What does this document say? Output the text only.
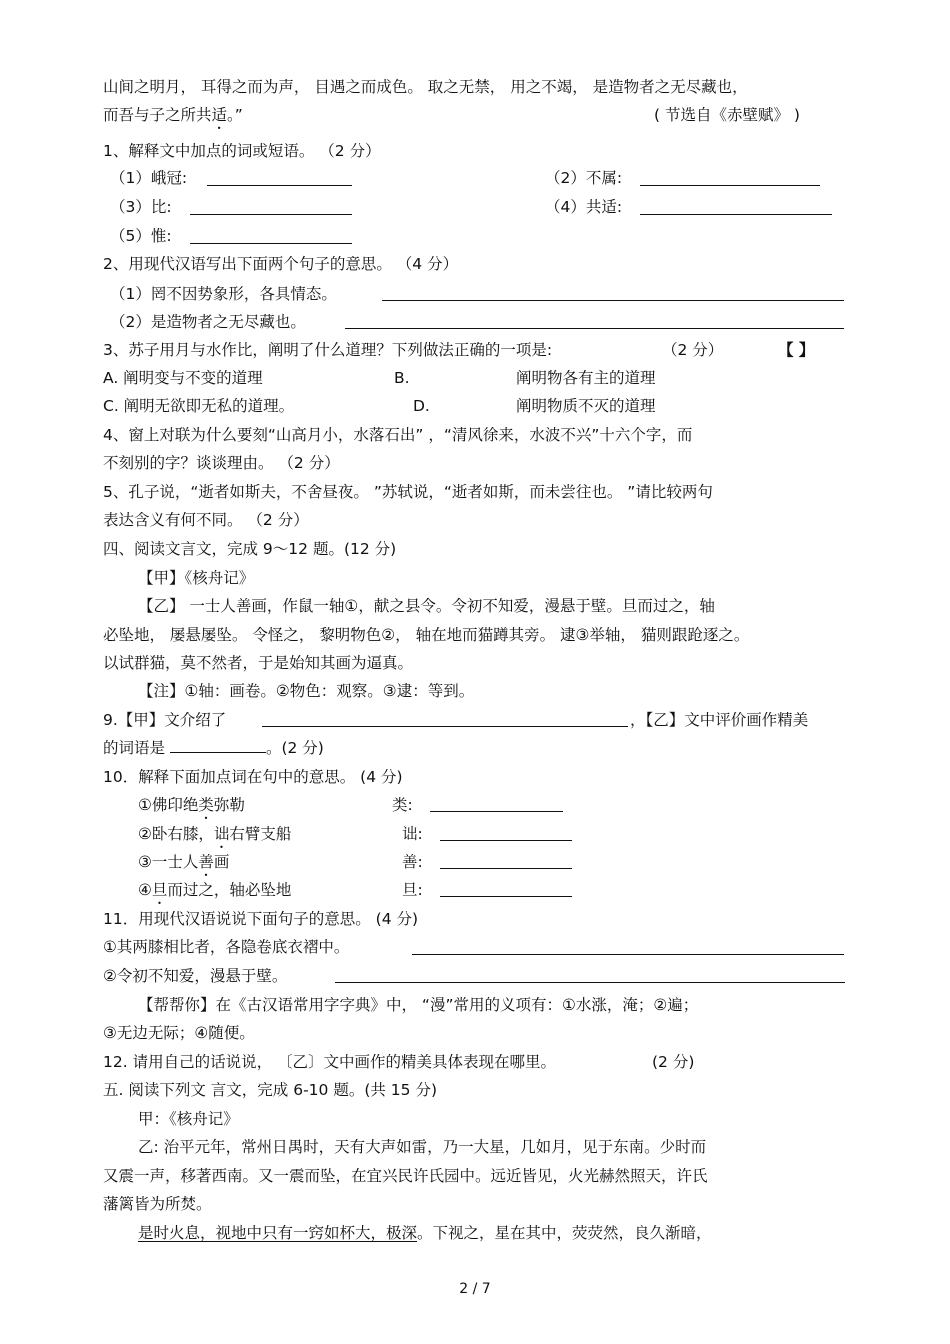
山间之明月， 耳得之而为声， 目遇之而成色。 取之无禁， 用之不竭， 是造物者之无尽藏也，
而吾与子之所共适。”	( 节选自《赤壁赋》 )
1、解释文中加点的词或短语。 （2 分）
（1）峨冠:	（2）不属:
（3）比:	（4）共适:
（5）惟:
2、用现代汉语写出下面两个句子的意思。 （4 分）
（1）罔不因势象形，各具情态。
（2）是造物者之无尽藏也。
3、苏子用月与水作比，阐明了什么道理？下列做法正确的一项是:	（2 分）	【 】
A. 阐明变与不变的道理	B.	阐明物各有主的道理
C. 阐明无欲即无私的道理。	D.	阐明物质不灭的道理
4、窗上对联为什么要刻“山高月小，水落石出” ，“清风徐来，水波不兴”十六个字，而
不刻别的字？谈谈理由。 （2 分）
5、孔子说，“逝者如斯夫，不舍昼夜。 ”苏轼说，“逝者如斯，而未尝往也。 ”请比较两句
表达含义有何不同。 （2 分）
四、阅读文言文，完成 9～12 题。(12 分)
【甲】《核舟记》
【乙】 一士人善画，作鼠一轴①，献之县令。令初不知爱，漫悬于壁。旦而过之，轴
必坠地， 屡悬屡坠。 令怪之， 黎明物色②， 轴在地而猫蹲其旁。 逮③举轴， 猫则跟跄逐之。
以试群猫，莫不然者，于是始知其画为逼真。
【注】①轴：画卷。②物色：观察。③逮：等到。
9.【甲】文介绍了	，【乙】文中评价画作精美
的词语是	。(2 分)
10．解释下面加点词在句中的意思。 (4 分)
①佛印绝类弥勒	类:
②卧右膝，诎右臂支船	诎:
③一士人善画	善:
④旦而过之，轴必坠地	旦:
11．用现代汉语说说下面句子的意思。 (4 分)
①其两膝相比者，各隐卷底衣褶中。
②令初不知爱，漫悬于壁。
【帮帮你】在《古汉语常用字字典》中， “漫”常用的义项有：①水涨，淹；②遍；
③无边无际；④随便。
12. 请用自己的话说说， 〔乙〕文中画作的精美具体表现在哪里。	(2 分)
五. 阅读下列文 言文，完成 6-10 题。(共 15 分)
甲：《核舟记》
乙: 治平元年，常州日禺时，天有大声如雷，乃一大星，几如月，见于东南。少时而
又震一声，移著西南。又一震而坠，在宜兴民许氏园中。远近皆见，火光赫然照天，许氏
藩篱皆为所焚。
是时火息，视地中只有一窍如杯大，极深。下视之，星在其中，荧荧然，良久渐暗，
2 / 7
